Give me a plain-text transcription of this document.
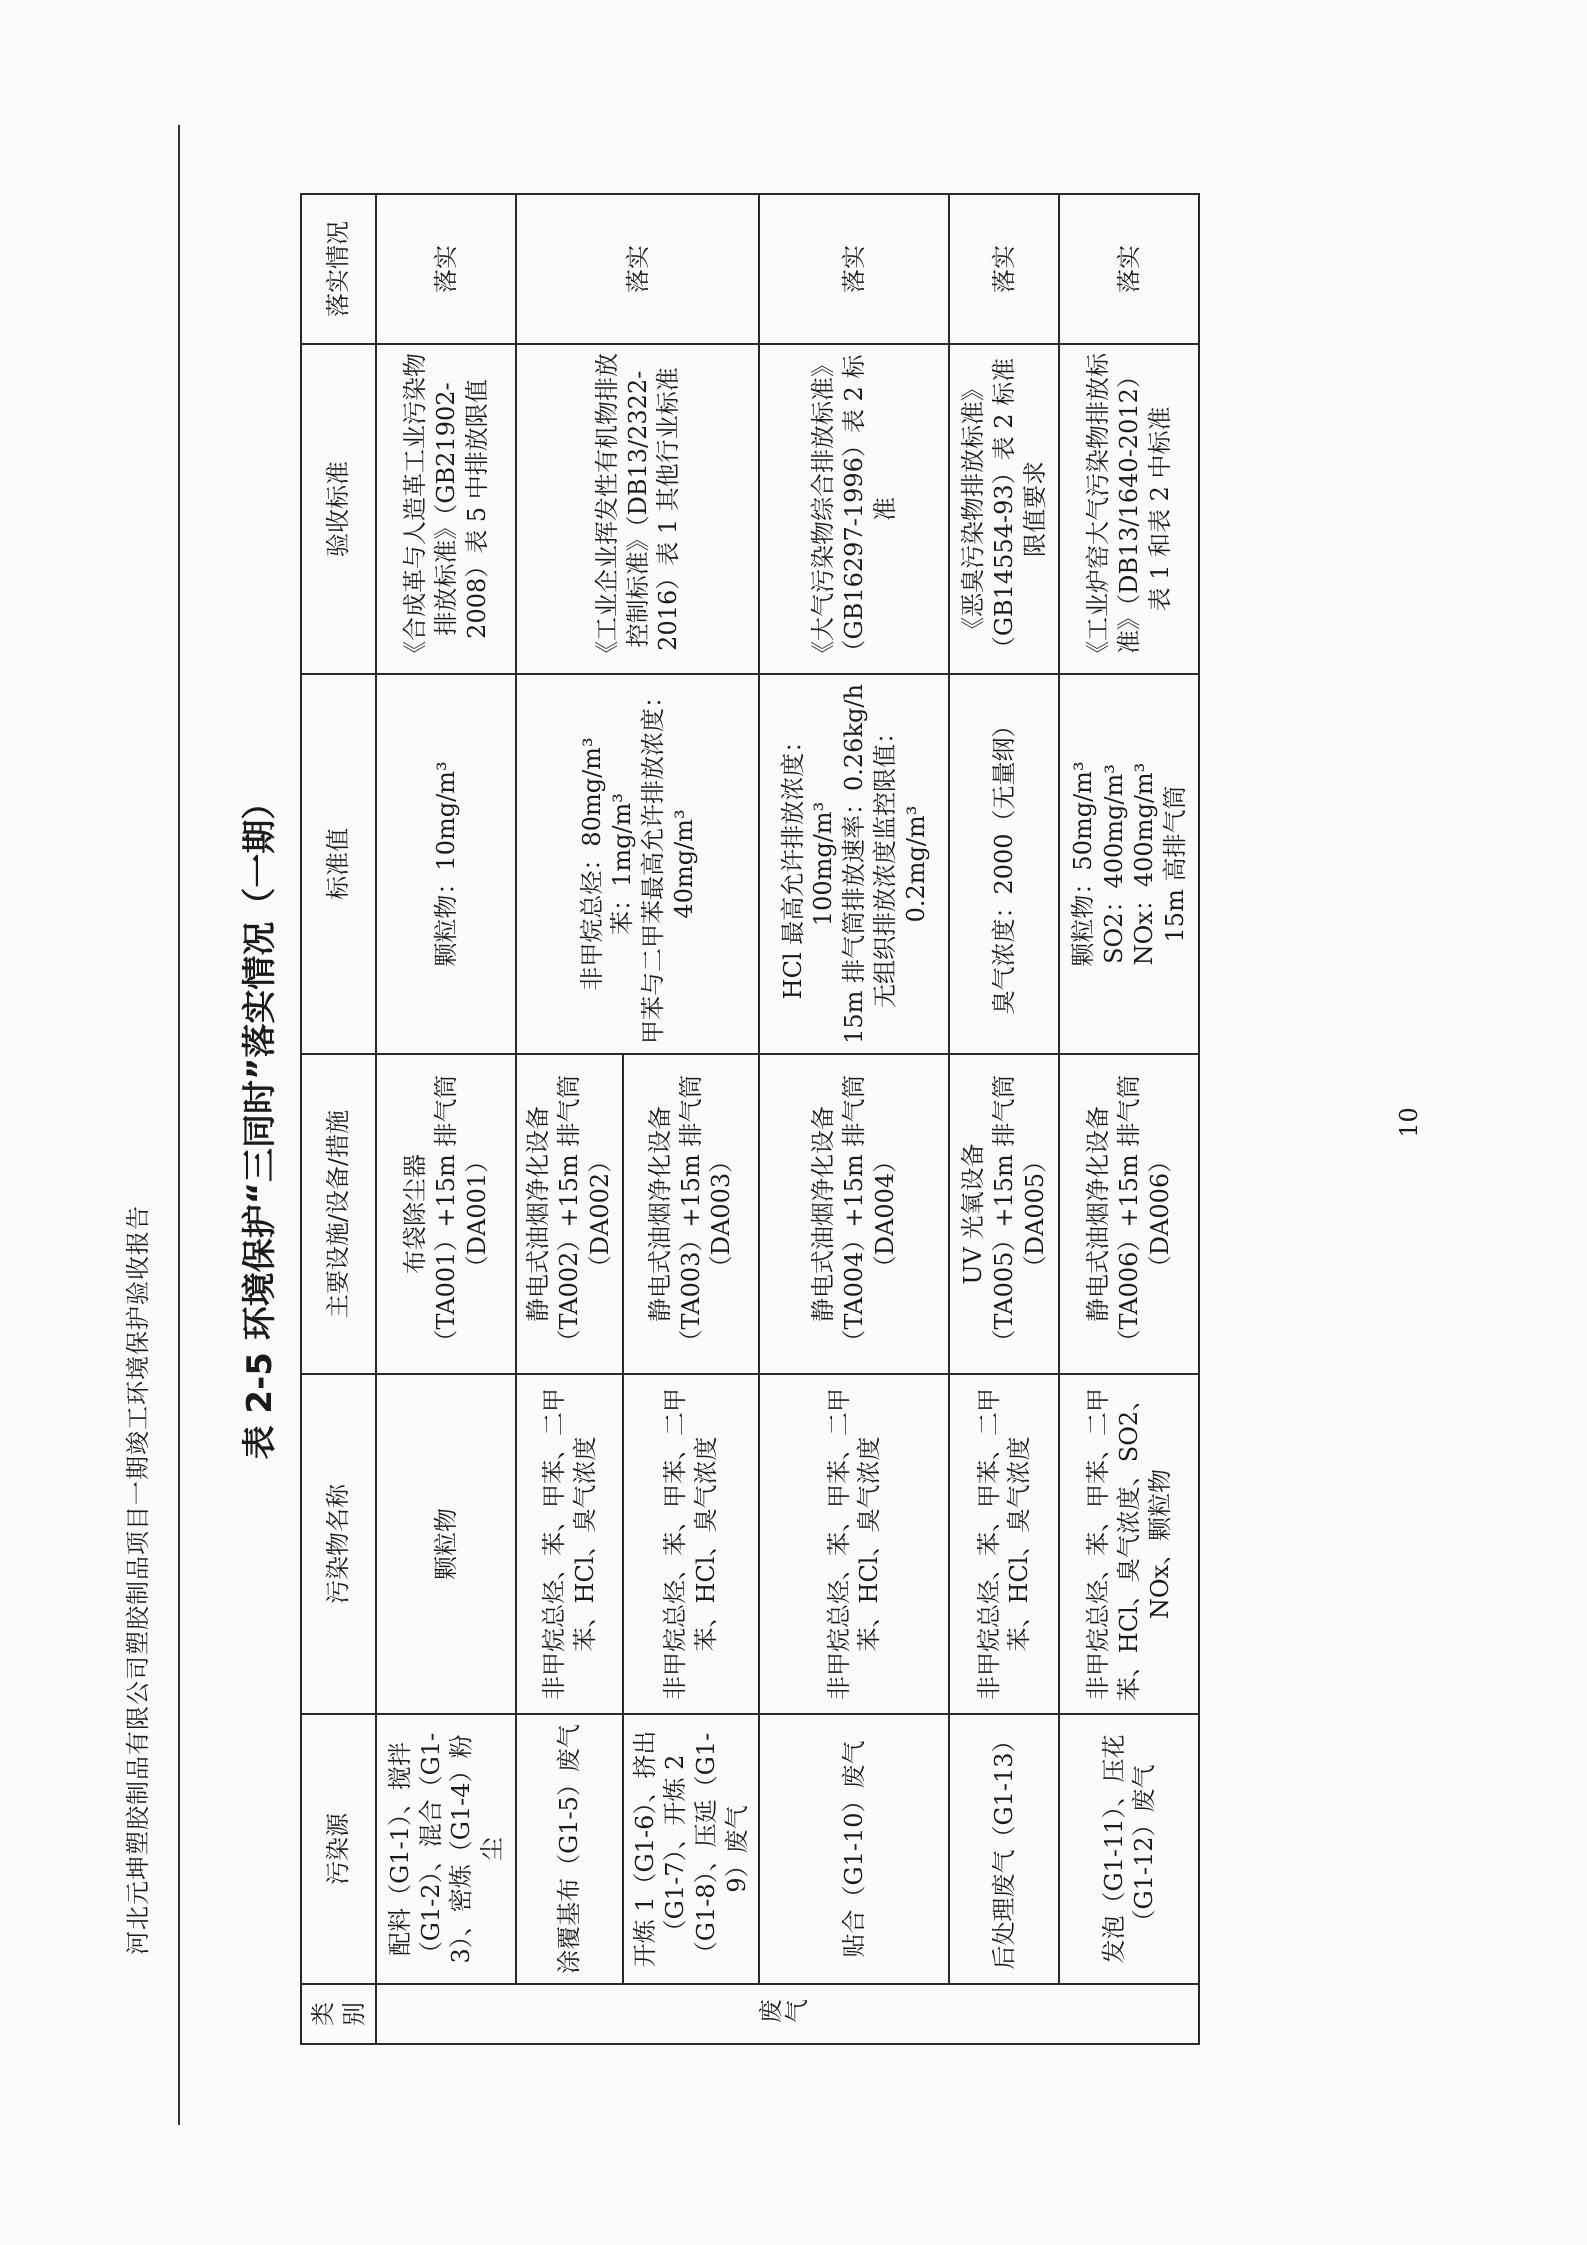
河北元坤塑胶制品有限公司塑胶制品项目一期竣工环境保护验收报告
表 2-5 环境保护“三同时”落实情况（一期）
类别	污染源	污染物名称	主要设施/设备/措施	标准值	验收标准	落实情况
废气	配料（G1-1）、搅拌（G1-2）、混合（G1-3）、密炼（G1-4）粉尘	颗粒物	布袋除尘器（TA001）+15m 排气筒（DA001）	颗粒物：10mg/m³	《合成革与人造革工业污染物排放标准》（GB21902-2008）表 5 中排放限值	落实
	涂覆基布（G1-5）废气	非甲烷总烃、苯、甲苯、二甲苯、HCl、臭气浓度	静电式油烟净化设备（TA002）+15m 排气筒（DA002）	非甲烷总烃：80mg/m³
苯：1mg/m³
甲苯与二甲苯最高允许排放浓度：40mg/m³	《工业企业挥发性有机物排放控制标准》（DB13/2322-2016）表 1 其他行业标准	落实
	开炼 1（G1-6）、挤出（G1-7）、开炼 2（G1-8）、压延（G1-9）废气	非甲烷总烃、苯、甲苯、二甲苯、HCl、臭气浓度	静电式油烟净化设备（TA003）+15m 排气筒（DA003）			
	贴合（G1-10）废气	非甲烷总烃、苯、甲苯、二甲苯、HCl、臭气浓度	静电式油烟净化设备（TA004）+15m 排气筒（DA004）	HCl 最高允许排放浓度：100mg/m³
15m 排气筒排放速率：0.26kg/h
无组织排放浓度监控限值：0.2mg/m³	《大气污染物综合排放标准》（GB16297-1996）表 2 标准	落实
	后处理废气（G1-13）	非甲烷总烃、苯、甲苯、二甲苯、HCl、臭气浓度	UV 光氧设备（TA005）+15m 排气筒（DA005）	臭气浓度：2000（无量纲）	《恶臭污染物排放标准》（GB14554-93）表 2 标准限值要求	落实
	发泡（G1-11）、压花（G1-12）废气	非甲烷总烃、苯、甲苯、二甲苯、HCl、臭气浓度、SO2、NOx、颗粒物	静电式油烟净化设备（TA006）+15m 排气筒（DA006）	颗粒物：50mg/m³
SO2：400mg/m³
NOx：400mg/m³
15m 高排气筒	《工业炉窑大气污染物排放标准》（DB13/1640-2012）表 1 和表 2 中标准	落实
10
